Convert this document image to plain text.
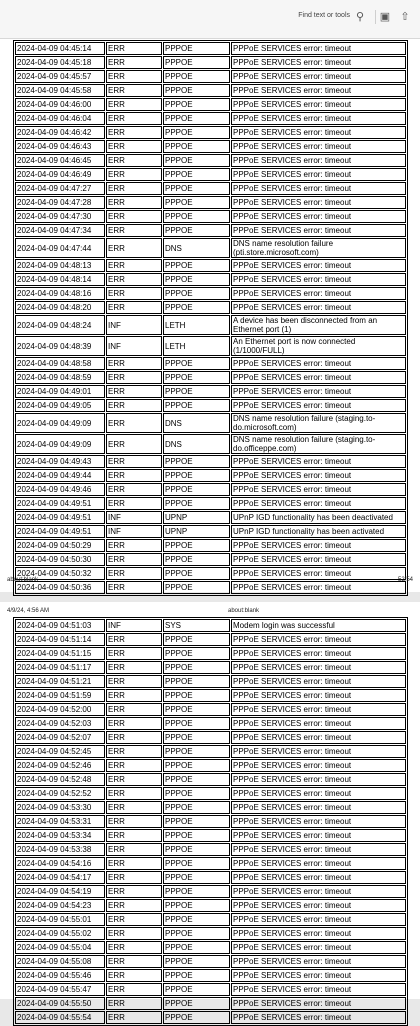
Find text or tools ⚲ ▣ ⇧
2024-04-09 04:45:14	ERR	PPPOE	PPPoE SERVICES error: timeout
2024-04-09 04:45:18	ERR	PPPOE	PPPoE SERVICES error: timeout
2024-04-09 04:45:57	ERR	PPPOE	PPPoE SERVICES error: timeout
2024-04-09 04:45:58	ERR	PPPOE	PPPoE SERVICES error: timeout
2024-04-09 04:46:00	ERR	PPPOE	PPPoE SERVICES error: timeout
2024-04-09 04:46:04	ERR	PPPOE	PPPoE SERVICES error: timeout
2024-04-09 04:46:42	ERR	PPPOE	PPPoE SERVICES error: timeout
2024-04-09 04:46:43	ERR	PPPOE	PPPoE SERVICES error: timeout
2024-04-09 04:46:45	ERR	PPPOE	PPPoE SERVICES error: timeout
2024-04-09 04:46:49	ERR	PPPOE	PPPoE SERVICES error: timeout
2024-04-09 04:47:27	ERR	PPPOE	PPPoE SERVICES error: timeout
2024-04-09 04:47:28	ERR	PPPOE	PPPoE SERVICES error: timeout
2024-04-09 04:47:30	ERR	PPPOE	PPPoE SERVICES error: timeout
2024-04-09 04:47:34	ERR	PPPOE	PPPoE SERVICES error: timeout
2024-04-09 04:47:44	ERR	DNS	DNS name resolution failure (pti.store.microsoft.com)
2024-04-09 04:48:13	ERR	PPPOE	PPPoE SERVICES error: timeout
2024-04-09 04:48:14	ERR	PPPOE	PPPoE SERVICES error: timeout
2024-04-09 04:48:16	ERR	PPPOE	PPPoE SERVICES error: timeout
2024-04-09 04:48:20	ERR	PPPOE	PPPoE SERVICES error: timeout
2024-04-09 04:48:24	INF	LETH	A device has been disconnected from an Ethernet port (1)
2024-04-09 04:48:39	INF	LETH	An Ethernet port is now connected (1/1000/FULL)
2024-04-09 04:48:58	ERR	PPPOE	PPPoE SERVICES error: timeout
2024-04-09 04:48:59	ERR	PPPOE	PPPoE SERVICES error: timeout
2024-04-09 04:49:01	ERR	PPPOE	PPPoE SERVICES error: timeout
2024-04-09 04:49:05	ERR	PPPOE	PPPoE SERVICES error: timeout
2024-04-09 04:49:09	ERR	DNS	DNS name resolution failure (staging.to-do.microsoft.com)
2024-04-09 04:49:09	ERR	DNS	DNS name resolution failure (staging.to-do.officeppe.com)
2024-04-09 04:49:43	ERR	PPPOE	PPPoE SERVICES error: timeout
2024-04-09 04:49:44	ERR	PPPOE	PPPoE SERVICES error: timeout
2024-04-09 04:49:46	ERR	PPPOE	PPPoE SERVICES error: timeout
2024-04-09 04:49:51	ERR	PPPOE	PPPoE SERVICES error: timeout
2024-04-09 04:49:51	INF	UPNP	UPnP IGD functionality has been deactivated
2024-04-09 04:49:51	INF	UPNP	UPnP IGD functionality has been activated
2024-04-09 04:50:29	ERR	PPPOE	PPPoE SERVICES error: timeout
2024-04-09 04:50:30	ERR	PPPOE	PPPoE SERVICES error: timeout
2024-04-09 04:50:32	ERR	PPPOE	PPPoE SERVICES error: timeout
2024-04-09 04:50:36	ERR	PPPOE	PPPoE SERVICES error: timeout
about:blank	52/54
4/9/24, 4:56 AM	about:blank
2024-04-09 04:51:03	INF	SYS	Modem login was successful
2024-04-09 04:51:14	ERR	PPPOE	PPPoE SERVICES error: timeout
2024-04-09 04:51:15	ERR	PPPOE	PPPoE SERVICES error: timeout
2024-04-09 04:51:17	ERR	PPPOE	PPPoE SERVICES error: timeout
2024-04-09 04:51:21	ERR	PPPOE	PPPoE SERVICES error: timeout
2024-04-09 04:51:59	ERR	PPPOE	PPPoE SERVICES error: timeout
2024-04-09 04:52:00	ERR	PPPOE	PPPoE SERVICES error: timeout
2024-04-09 04:52:03	ERR	PPPOE	PPPoE SERVICES error: timeout
2024-04-09 04:52:07	ERR	PPPOE	PPPoE SERVICES error: timeout
2024-04-09 04:52:45	ERR	PPPOE	PPPoE SERVICES error: timeout
2024-04-09 04:52:46	ERR	PPPOE	PPPoE SERVICES error: timeout
2024-04-09 04:52:48	ERR	PPPOE	PPPoE SERVICES error: timeout
2024-04-09 04:52:52	ERR	PPPOE	PPPoE SERVICES error: timeout
2024-04-09 04:53:30	ERR	PPPOE	PPPoE SERVICES error: timeout
2024-04-09 04:53:31	ERR	PPPOE	PPPoE SERVICES error: timeout
2024-04-09 04:53:34	ERR	PPPOE	PPPoE SERVICES error: timeout
2024-04-09 04:53:38	ERR	PPPOE	PPPoE SERVICES error: timeout
2024-04-09 04:54:16	ERR	PPPOE	PPPoE SERVICES error: timeout
2024-04-09 04:54:17	ERR	PPPOE	PPPoE SERVICES error: timeout
2024-04-09 04:54:19	ERR	PPPOE	PPPoE SERVICES error: timeout
2024-04-09 04:54:23	ERR	PPPOE	PPPoE SERVICES error: timeout
2024-04-09 04:55:01	ERR	PPPOE	PPPoE SERVICES error: timeout
2024-04-09 04:55:02	ERR	PPPOE	PPPoE SERVICES error: timeout
2024-04-09 04:55:04	ERR	PPPOE	PPPoE SERVICES error: timeout
2024-04-09 04:55:08	ERR	PPPOE	PPPoE SERVICES error: timeout
2024-04-09 04:55:46	ERR	PPPOE	PPPoE SERVICES error: timeout
2024-04-09 04:55:47	ERR	PPPOE	PPPoE SERVICES error: timeout
2024-04-09 04:55:50	ERR	PPPOE	PPPoE SERVICES error: timeout
2024-04-09 04:55:54	ERR	PPPOE	PPPoE SERVICES error: timeout
